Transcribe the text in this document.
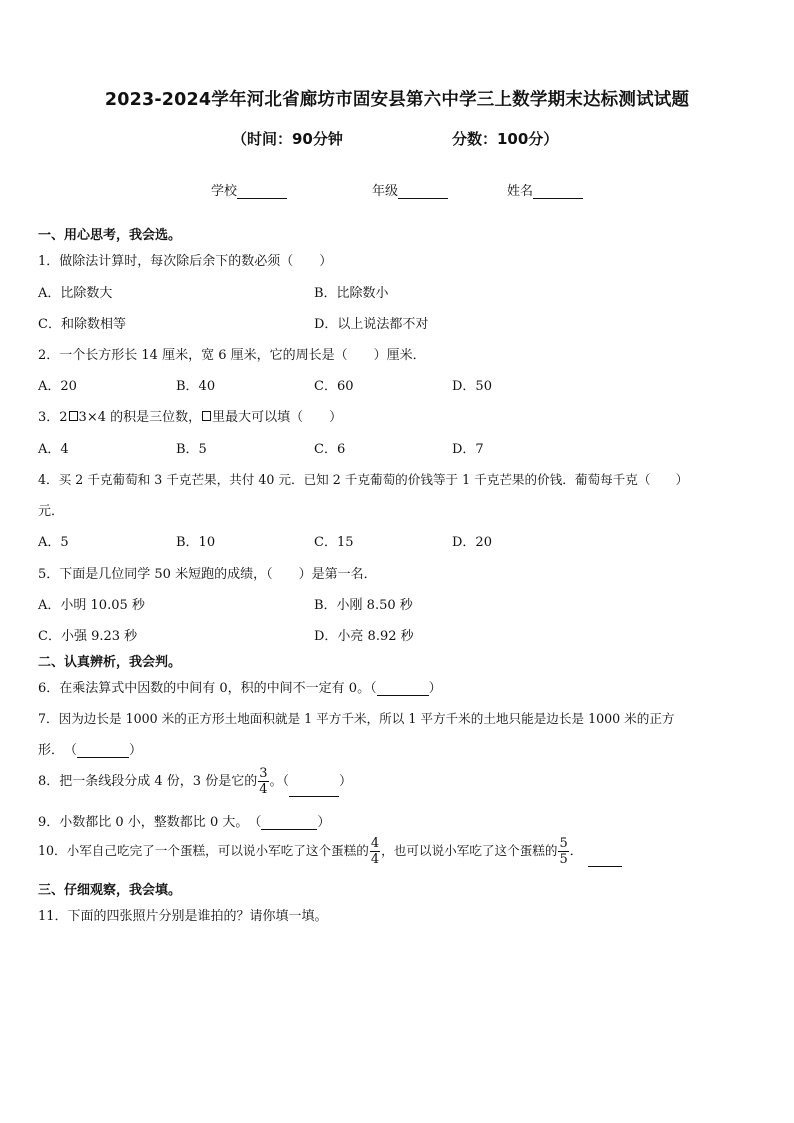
2023-2024学年河北省廊坊市固安县第六中学三上数学期末达标测试试题
（时间：90分钟	分数：100分）
学校	年级	姓名
一、用心思考，我会选。
1．做除法计算时，每次除后余下的数必须（　　）
A．比除数大	B．比除数小
C．和除数相等	D．以上说法都不对
2．一个长方形长 14 厘米，宽 6 厘米，它的周长是（　　）厘米．
A．20	B．40	C．60	D．50
3．2 3×4 的积是三位数， 里最大可以填（　　）
A．4	B．5	C．6	D．7
4．买 2 千克葡萄和 3 千克芒果，共付 40 元．已知 2 千克葡萄的价钱等于 1 千克芒果的价钱．葡萄每千克（　　）
元．
A．5	B．10	C．15	D．20
5．下面是几位同学 50 米短跑的成绩，（　　）是第一名．
A．小明 10.05 秒	B．小刚 8.50 秒
C．小强 9.23 秒	D．小亮 8.92 秒
二、认真辨析，我会判。
6．在乘法算式中因数的中间有 0，积的中间不一定有 0。（	）
7．因为边长是 1000 米的正方形土地面积就是 1 平方千米，所以 1 平方千米的土地只能是边长是 1000 米的正方
形．　（	）
8．把一条线段分成 4 份，3 份是它的 $\frac{3}{4}$ 。（	）
9．小数都比 0 小，整数都比 0 大。　（	）
10．小军自己吃完了一个蛋糕，可以说小军吃了这个蛋糕的 $\frac{4}{4}$ ，也可以说小军吃了这个蛋糕的 $\frac{5}{5}$ ．
三、仔细观察，我会填。
11．下面的四张照片分别是谁拍的？请你填一填。
